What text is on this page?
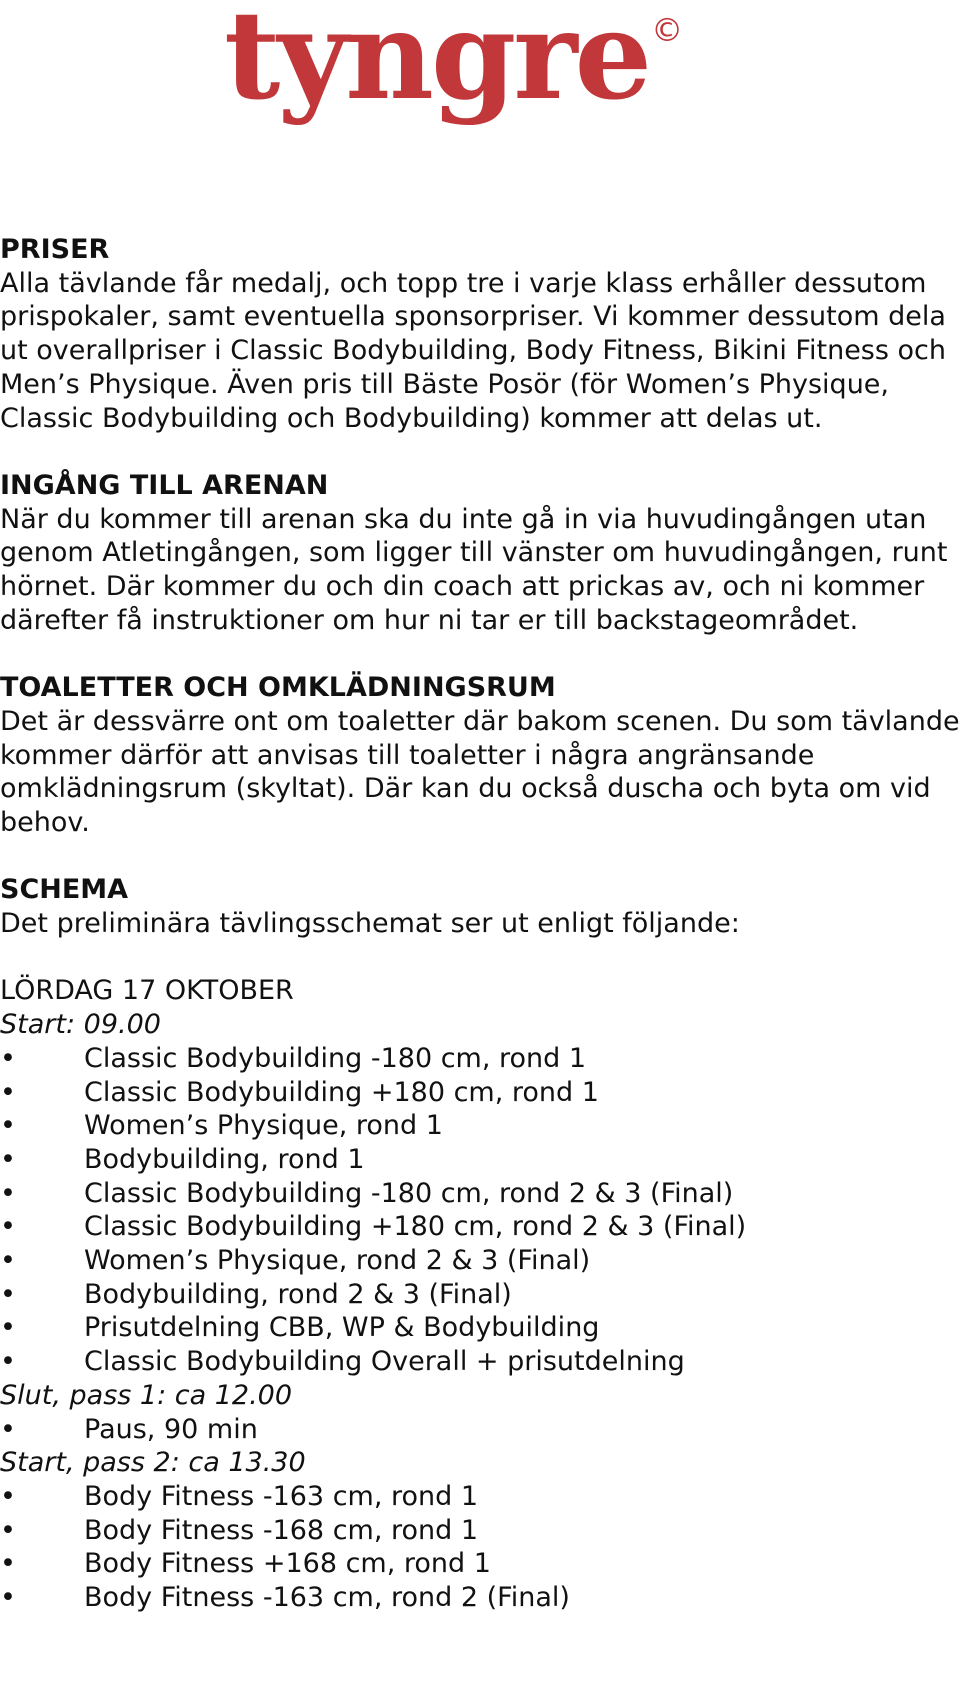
tyngre ©
PRISER

Alla tävlande får medalj, och topp tre i varje klass erhåller dessutom prispokaler, samt eventuella sponsorpriser. Vi kommer dessutom dela ut overallpriser i Classic Bodybuilding, Body Fitness, Bikini Fitness och Men’s Physique. Även pris till Bäste Posör (för Women’s Physique, Classic Bodybuilding och Bodybuilding) kommer att delas ut.

INGÅNG TILL ARENAN

När du kommer till arenan ska du inte gå in via huvudingången utan genom Atletingången, som ligger till vänster om huvudingången, runt hörnet. Där kommer du och din coach att prickas av, och ni kommer därefter få instruktioner om hur ni tar er till backstageområdet.

TOALETTER OCH OMKLÄDNINGSRUM

Det är dessvärre ont om toaletter där bakom scenen. Du som tävlande kommer därför att anvisas till toaletter i några angränsande omklädningsrum (skyltat). Där kan du också duscha och byta om vid behov.

SCHEMA

Det preliminära tävlingsschemat ser ut enligt följande:

LÖRDAG 17 OKTOBER

Start: 09.00

•
Classic Bodybuilding -180 cm, rond 1
•
Classic Bodybuilding +180 cm, rond 1
•
Women’s Physique, rond 1
•
Bodybuilding, rond 1
•
Classic Bodybuilding -180 cm, rond 2 & 3 (Final)
•
Classic Bodybuilding +180 cm, rond 2 & 3 (Final)
•
Women’s Physique, rond 2 & 3 (Final)
•
Bodybuilding, rond 2 & 3 (Final)
•
Prisutdelning CBB, WP & Bodybuilding
•
Classic Bodybuilding Overall + prisutdelning

Slut, pass 1: ca 12.00

•
Paus, 90 min

Start, pass 2: ca 13.30

•
Body Fitness -163 cm, rond 1
•
Body Fitness -168 cm, rond 1
•
Body Fitness +168 cm, rond 1
•
Body Fitness -163 cm, rond 2 (Final)
